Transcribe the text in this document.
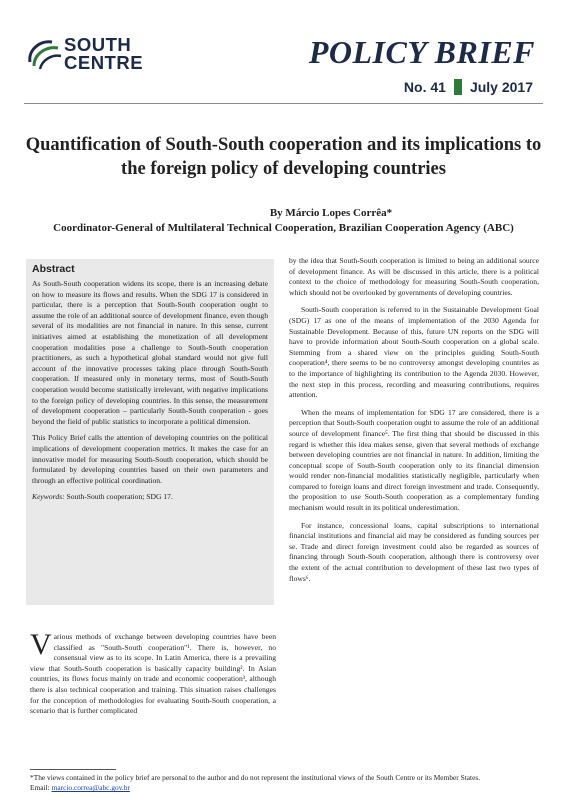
SOUTH
CENTRE	POLICY BRIEF
No. 41 July 2017
Quantification of South-South cooperation and its implications to the foreign policy of developing countries
By Márcio Lopes Corrêa*
Coordinator-General of Multilateral Technical Cooperation, Brazilian Cooperation Agency (ABC)
Abstract

As South-South cooperation widens its scope, there is an increasing debate on how to measure its flows and results. When the SDG 17 is considered in particular, there is a perception that South-South cooperation ought to assume the role of an additional source of development finance, even though several of its modalities are not financial in nature. In this sense, current initiatives aimed at establishing the monetization of all development cooperation modalities pose a challenge to South-South cooperation practitioners, as such a hypothetical global standard would not give full account of the innovative processes taking place through South-South cooperation. If measured only in monetary terms, most of South-South cooperation would become statistically irrelevant, with negative implications to the foreign policy of developing countries. In this sense, the measurement of development cooperation – particularly South-South cooperation - goes beyond the field of public statistics to incorporate a political dimension.

This Policy Brief calls the attention of developing countries on the political implications of development cooperation metrics. It makes the case for an innovative model for measuring South-South cooperation, which should be formulated by developing countries based on their own parameters and through an effective political coordination.

Keywords: South-South cooperation; SDG 17.

Various methods of exchange between developing countries have been classified as "South-South cooperation"¹. There is, however, no consensual view as to its scope. In Latin America, there is a prevailing view that South-South cooperation is basically capacity building². In Asian countries, its flows focus mainly on trade and economic cooperation³, although there is also technical cooperation and training. This situation raises challenges for the conception of methodologies for evaluating South-South cooperation, a scenario that is further complicated

by the idea that South-South cooperation is limited to being an additional source of development finance. As will be discussed in this article, there is a political context to the choice of methodology for measuring South-South cooperation, which should not be overlooked by governments of developing countries.

South-South cooperation is referred to in the Sustainable Development Goal (SDG) 17 as one of the means of implementation of the 2030 Agenda for Sustainable Development. Because of this, future UN reports on the SDG will have to provide information about South-South cooperation on a global scale. Stemming from a shared view on the principles guiding South-South cooperation⁴, there seems to be no controversy amongst developing countries as to the importance of highlighting its contribution to the Agenda 2030. However, the next step in this process, recording and measuring contributions, requires attention.

When the means of implementation for SDG 17 are considered, there is a perception that South-South cooperation ought to assume the role of an additional source of development finance⁵. The first thing that should be discussed in this regard is whether this idea makes sense, given that several methods of exchange between developing countries are not financial in nature. In addition, limiting the conceptual scope of South-South cooperation only to its financial dimension would render non-financial modalities statistically negligible, particularly when compared to foreign loans and direct foreign investment and trade. Consequently, the proposition to use South-South cooperation as a complementary funding mechanism would result in its political underestimation.

For instance, concessional loans, capital subscriptions to international financial institutions and financial aid may be considered as funding sources per se. Trade and direct foreign investment could also be regarded as sources of financing through South-South cooperation, although there is controversy over the extent of the actual contribution to development of these last two types of flows⁶.

*The views contained in the policy brief are personal to the author and do not represent the institutional views of the South Centre or its Member States.
Email: marcio.correa@abc.gov.br
